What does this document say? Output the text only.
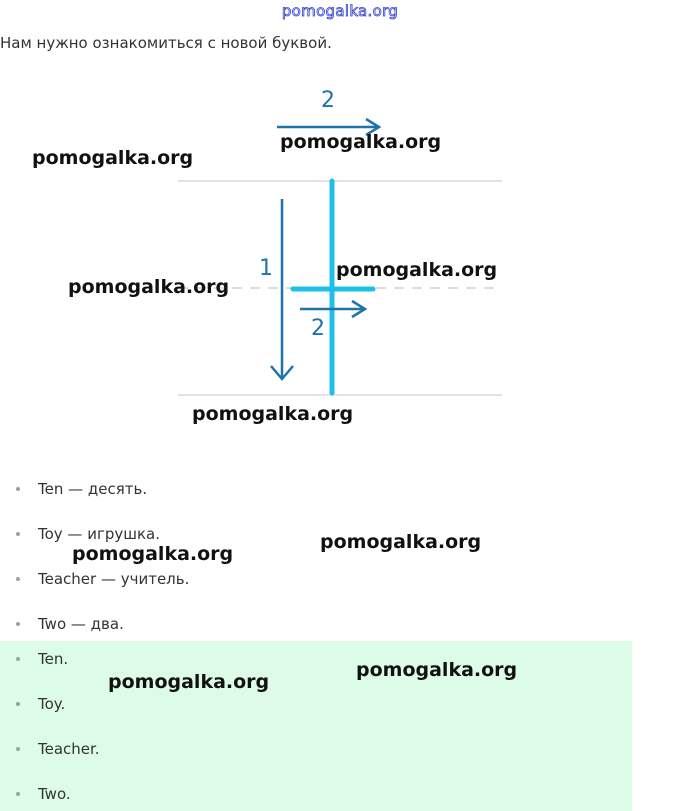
pomogalka.org
Нам нужно ознакомиться с новой буквой.
2
1
2
Ten — десять.
Toy — игрушка.
Teacher — учитель.
Two — два.
Ten.
Toy.
Teacher.
Two.
pomogalka.org
pomogalka.org
pomogalka.org
pomogalka.org
pomogalka.org
pomogalka.org
pomogalka.org
pomogalka.org
pomogalka.org
